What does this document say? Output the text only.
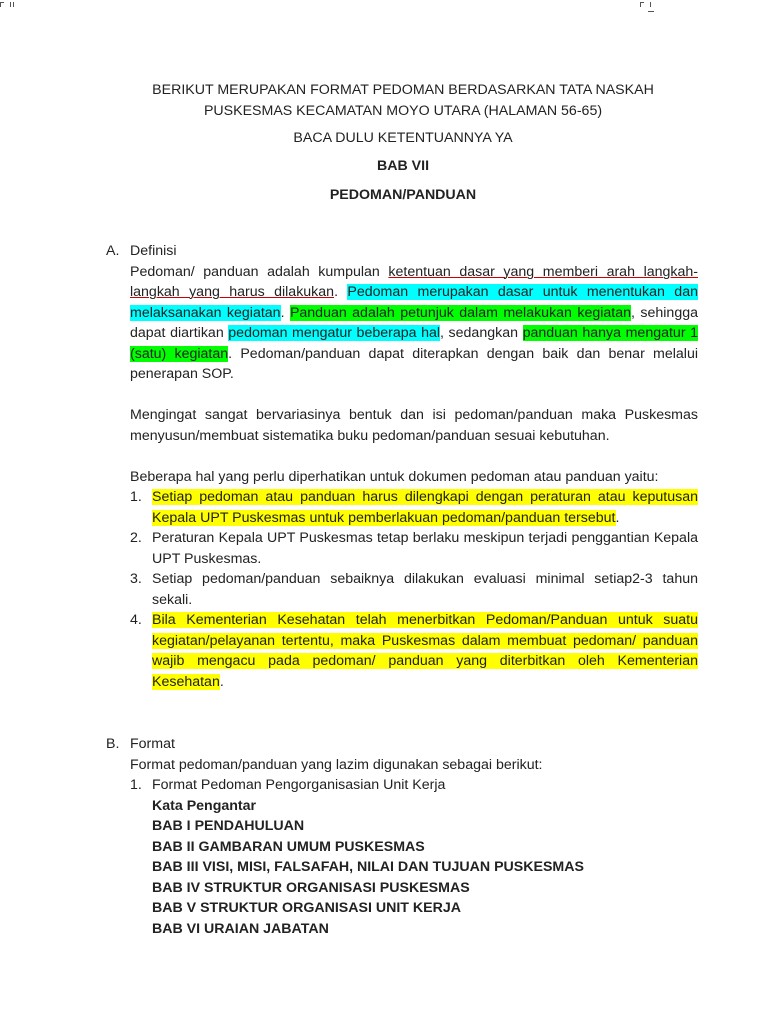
BERIKUT MERUPAKAN FORMAT PEDOMAN BERDASARKAN TATA NASKAH
PUSKESMAS KECAMATAN MOYO UTARA (HALAMAN 56-65)
BACA DULU KETENTUANNYA YA
BAB VII
PEDOMAN/PANDUAN
A. Definisi
Pedoman/ panduan adalah kumpulan ketentuan dasar yang memberi arah langkah-langkah yang harus dilakukan. Pedoman merupakan dasar untuk menentukan dan melaksanakan kegiatan. Panduan adalah petunjuk dalam melakukan kegiatan, sehingga dapat diartikan pedoman mengatur beberapa hal, sedangkan panduan hanya mengatur 1 (satu) kegiatan. Pedoman/panduan dapat diterapkan dengan baik dan benar melalui penerapan SOP.
Mengingat sangat bervariasinya bentuk dan isi pedoman/panduan maka Puskesmas menyusun/membuat sistematika buku pedoman/panduan sesuai kebutuhan.
Beberapa hal yang perlu diperhatikan untuk dokumen pedoman atau panduan yaitu:
1. Setiap pedoman atau panduan harus dilengkapi dengan peraturan atau keputusan Kepala UPT Puskesmas untuk pemberlakuan pedoman/panduan tersebut.
2. Peraturan Kepala UPT Puskesmas tetap berlaku meskipun terjadi penggantian Kepala UPT Puskesmas.
3. Setiap pedoman/panduan sebaiknya dilakukan evaluasi minimal setiap2-3 tahun sekali.
4. Bila Kementerian Kesehatan telah menerbitkan Pedoman/Panduan untuk suatu kegiatan/pelayanan tertentu, maka Puskesmas dalam membuat pedoman/ panduan wajib mengacu pada pedoman/ panduan yang diterbitkan oleh Kementerian Kesehatan.
B. Format
Format pedoman/panduan yang lazim digunakan sebagai berikut:
1. Format Pedoman Pengorganisasian Unit Kerja
Kata Pengantar
BAB I PENDAHULUAN
BAB II GAMBARAN UMUM PUSKESMAS
BAB III VISI, MISI, FALSAFAH, NILAI DAN TUJUAN PUSKESMAS
BAB IV STRUKTUR ORGANISASI PUSKESMAS
BAB V STRUKTUR ORGANISASI UNIT KERJA
BAB VI URAIAN JABATAN
